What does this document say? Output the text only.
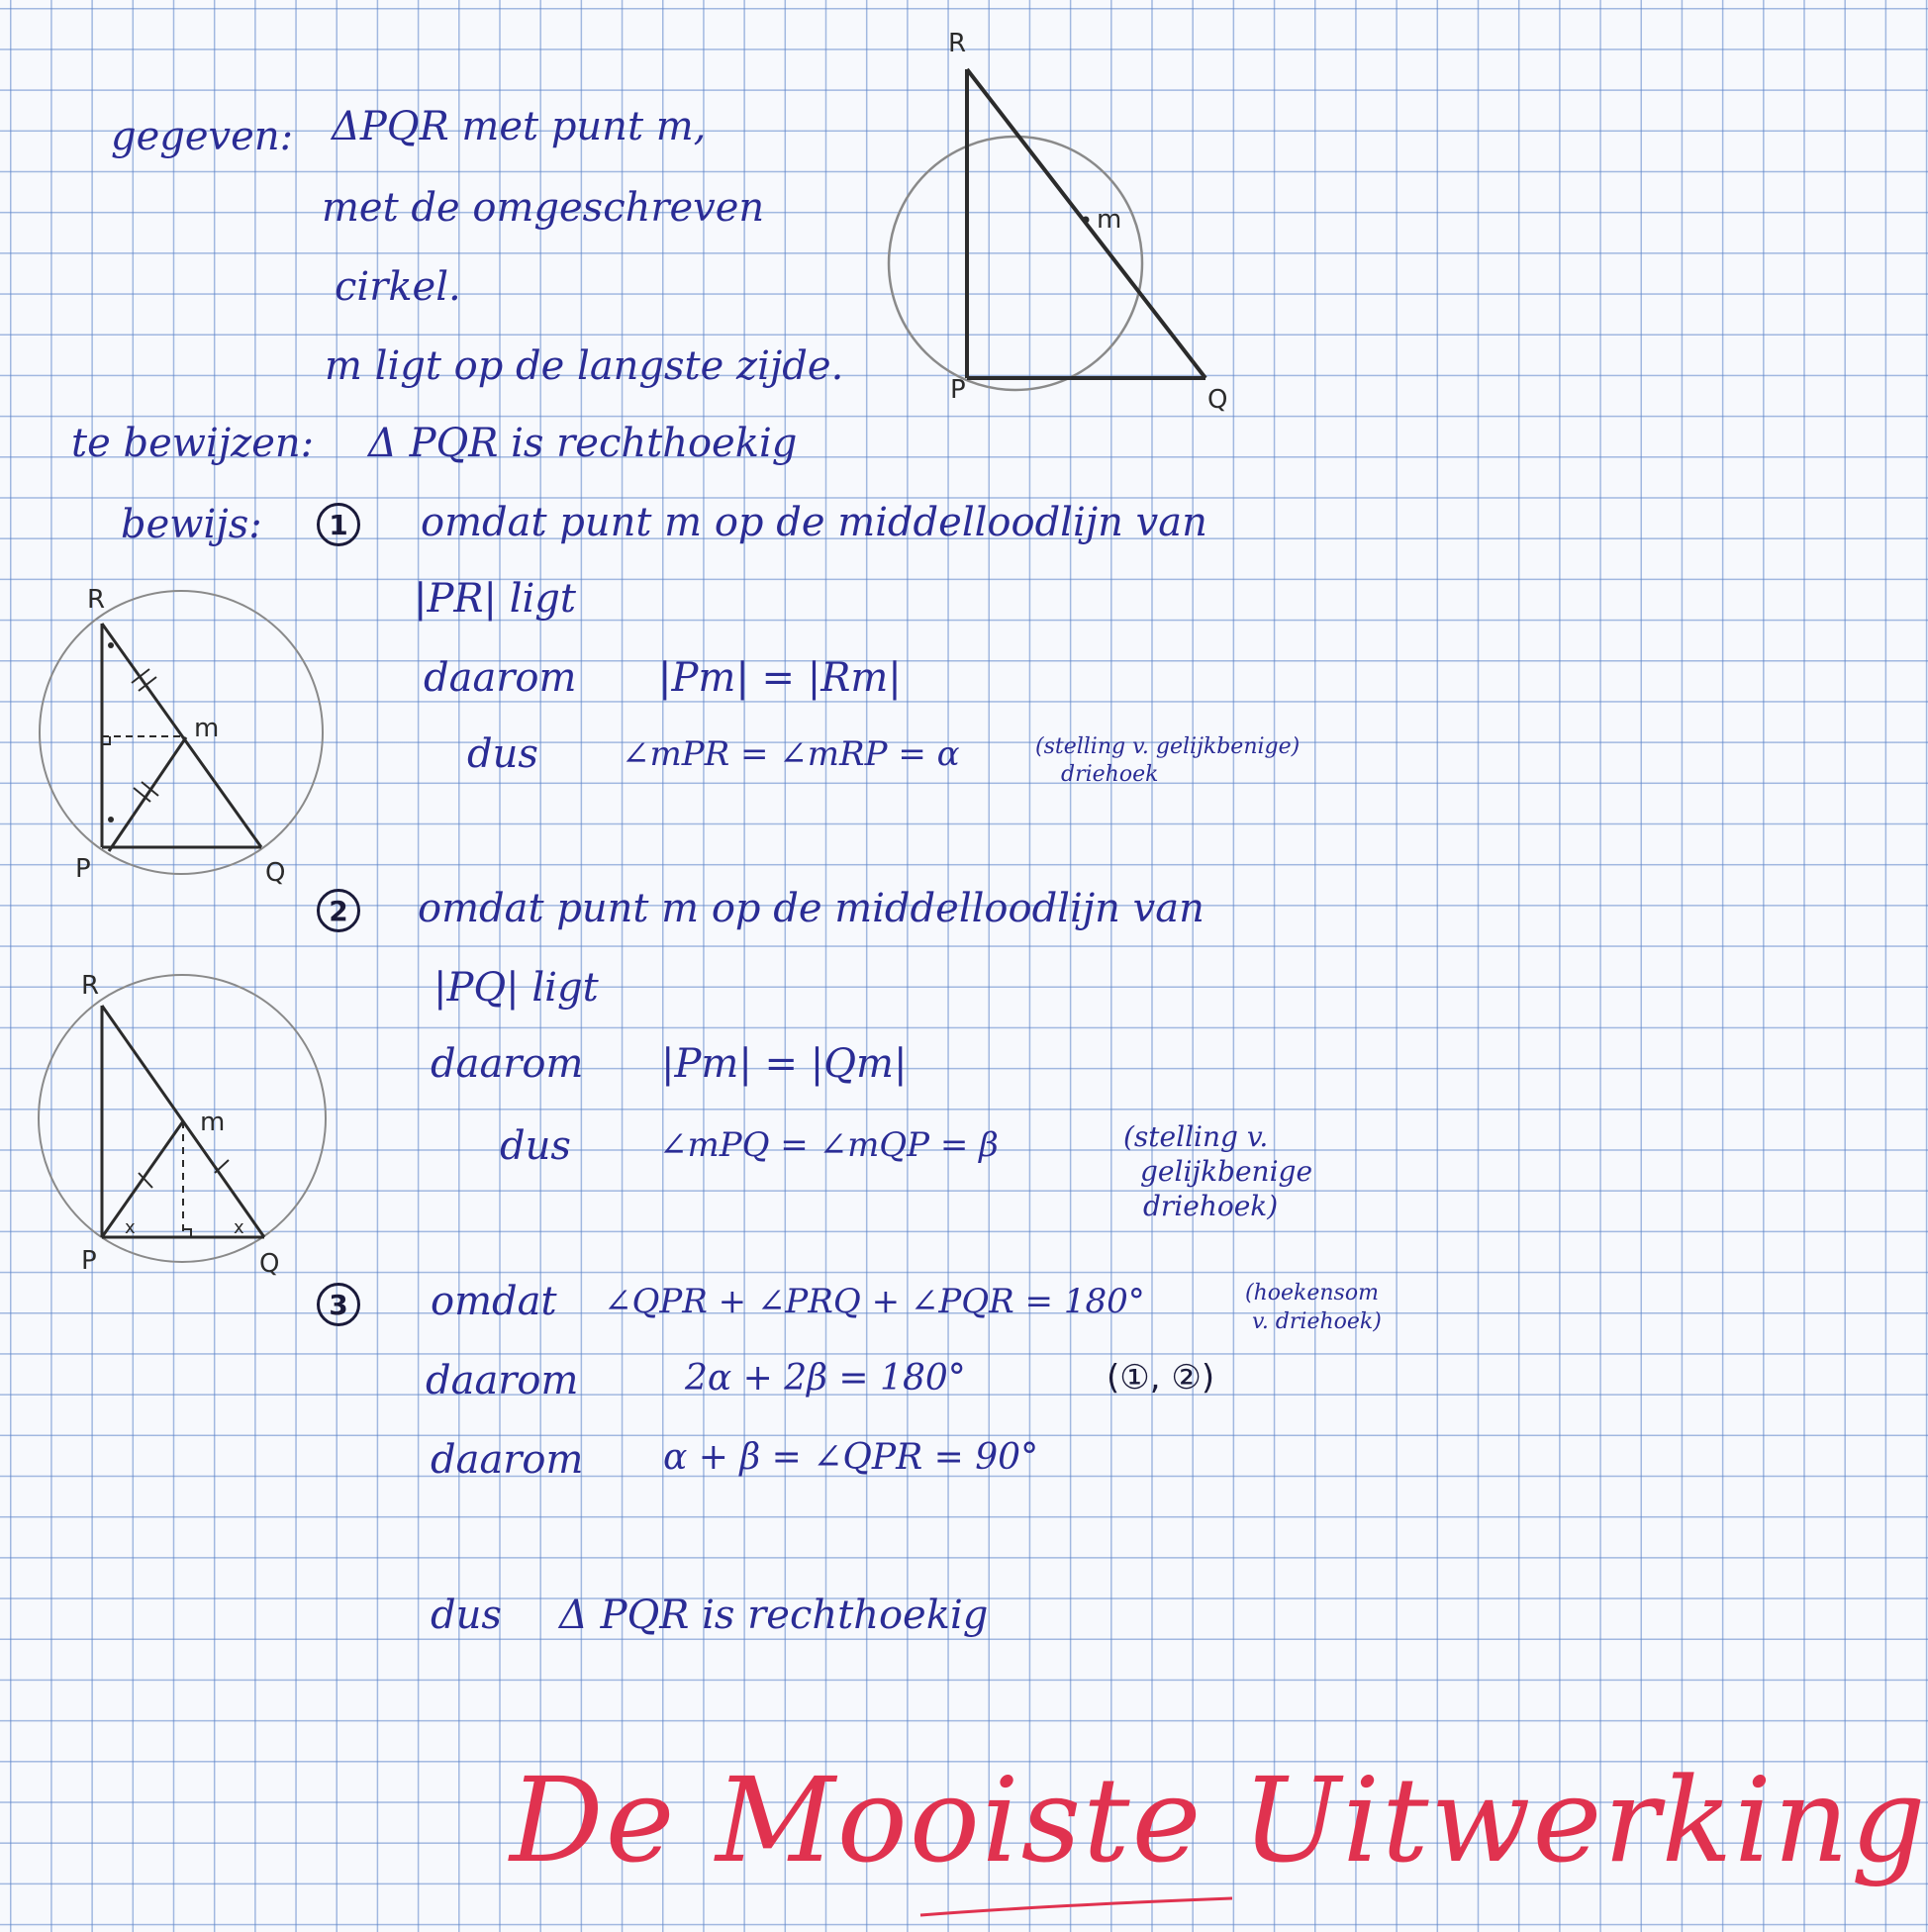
gegeven: ΔPQR met punt m,
met de omgeschreven
cirkel.
m ligt op de langste zijde.
te bewijzen: Δ PQR is rechthoekig
bewijs:	1	omdat punt m op de middelloodlijn van
|PR| ligt
daarom |Pm| = |Rm|
dus ∠mPR = ∠mRP = α	(stelling v. gelijkbenige)
driehoek
2	omdat punt m op de middelloodlijn van
|PQ| ligt
daarom |Pm| = |Qm|
dus	∠mPQ = ∠mQP = β	(stelling v.
gelijkbenige
driehoek)
3	omdat ∠QPR + ∠PRQ + ∠PQR = 180°	(hoekensom
v. driehoek)
daarom	2α + 2β = 180°	(①, ②)
daarom α + β = ∠QPR = 90°
dus Δ PQR is rechthoekig
R
P	Q
m
R
P	Q
m
R
P	Q
m
x	x
De Mooiste Uitwerking
